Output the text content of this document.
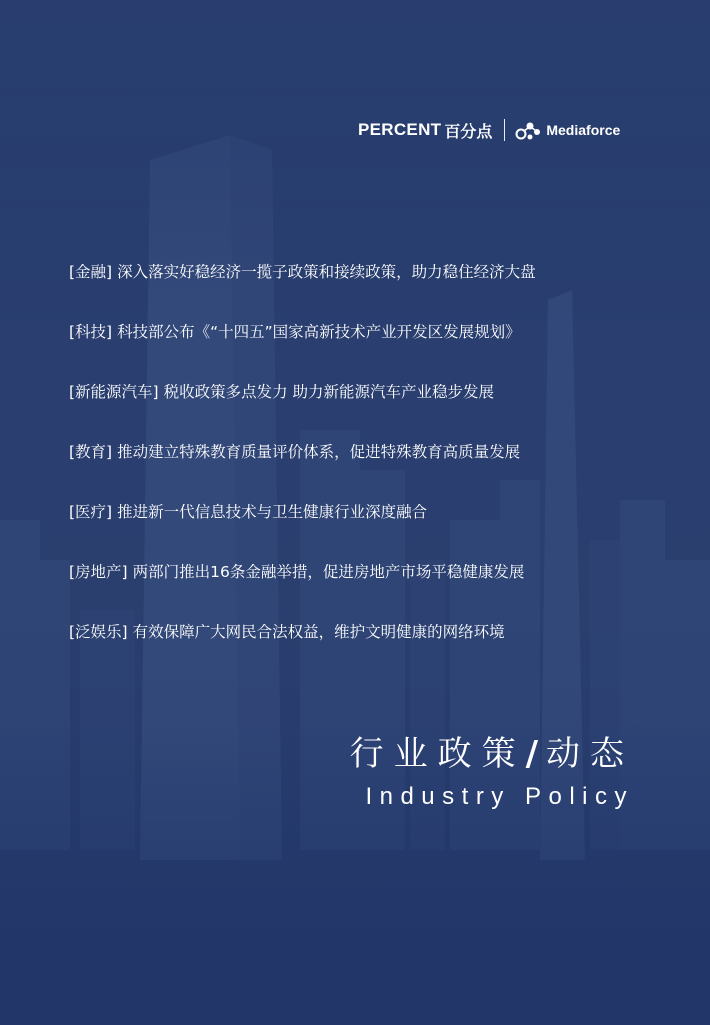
PERCENT 百分点	Mediaforce
[金融] 深入落实好稳经济一揽子政策和接续政策，助力稳住经济大盘
[科技] 科技部公布《“十四五”国家高新技术产业开发区发展规划》
[新能源汽车] 税收政策多点发力 助力新能源汽车产业稳步发展
[教育] 推动建立特殊教育质量评价体系，促进特殊教育高质量发展
[医疗] 推进新一代信息技术与卫生健康行业深度融合
[房地产] 两部门推出16条金融举措，促进房地产市场平稳健康发展
[泛娱乐] 有效保障广大网民合法权益，维护文明健康的网络环境
行业政策/动态
Industry Policy
